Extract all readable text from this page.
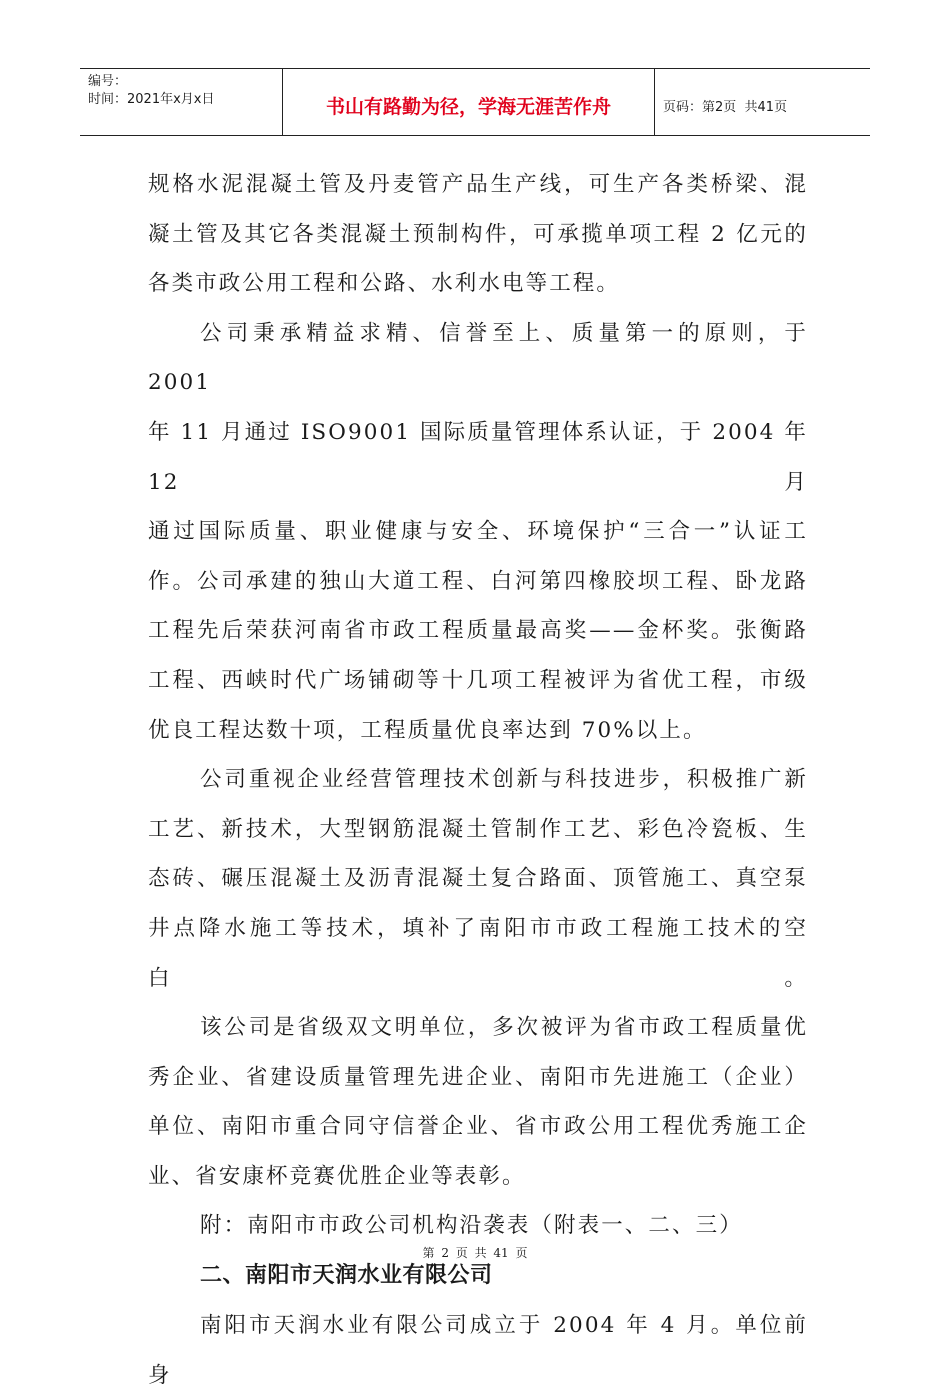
编号：
时间：2021年x月x日	书山有路勤为径，学海无涯苦作舟	页码：第2页  共41页

规格水泥混凝土管及丹麦管产品生产线，可生产各类桥梁、混

凝土管及其它各类混凝土预制构件，可承揽单项工程 2 亿元的

各类市政公用工程和公路、水利水电等工程。

公司秉承精益求精、信誉至上、质量第一的原则，于 2001

年 11 月通过 ISO9001 国际质量管理体系认证，于 2004 年 12 月

通过国际质量、职业健康与安全、环境保护“三合一”认证工

作。公司承建的独山大道工程、白河第四橡胶坝工程、卧龙路

工程先后荣获河南省市政工程质量最高奖——金杯奖。张衡路

工程、西峡时代广场铺砌等十几项工程被评为省优工程，市级

优良工程达数十项，工程质量优良率达到 70%以上。

公司重视企业经营管理技术创新与科技进步，积极推广新

工艺、新技术，大型钢筋混凝土管制作工艺、彩色冷瓷板、生

态砖、碾压混凝土及沥青混凝土复合路面、顶管施工、真空泵

井点降水施工等技术，填补了南阳市市政工程施工技术的空白。

该公司是省级双文明单位，多次被评为省市政工程质量优

秀企业、省建设质量管理先进企业、南阳市先进施工（企业）

单位、南阳市重合同守信誉企业、省市政公用工程优秀施工企

业、省安康杯竞赛优胜企业等表彰。

附：南阳市市政公司机构沿袭表（附表一、二、三）

二、南阳市天润水业有限公司

南阳市天润水业有限公司成立于 2004 年 4 月。单位前身

第 2 页 共 41 页
